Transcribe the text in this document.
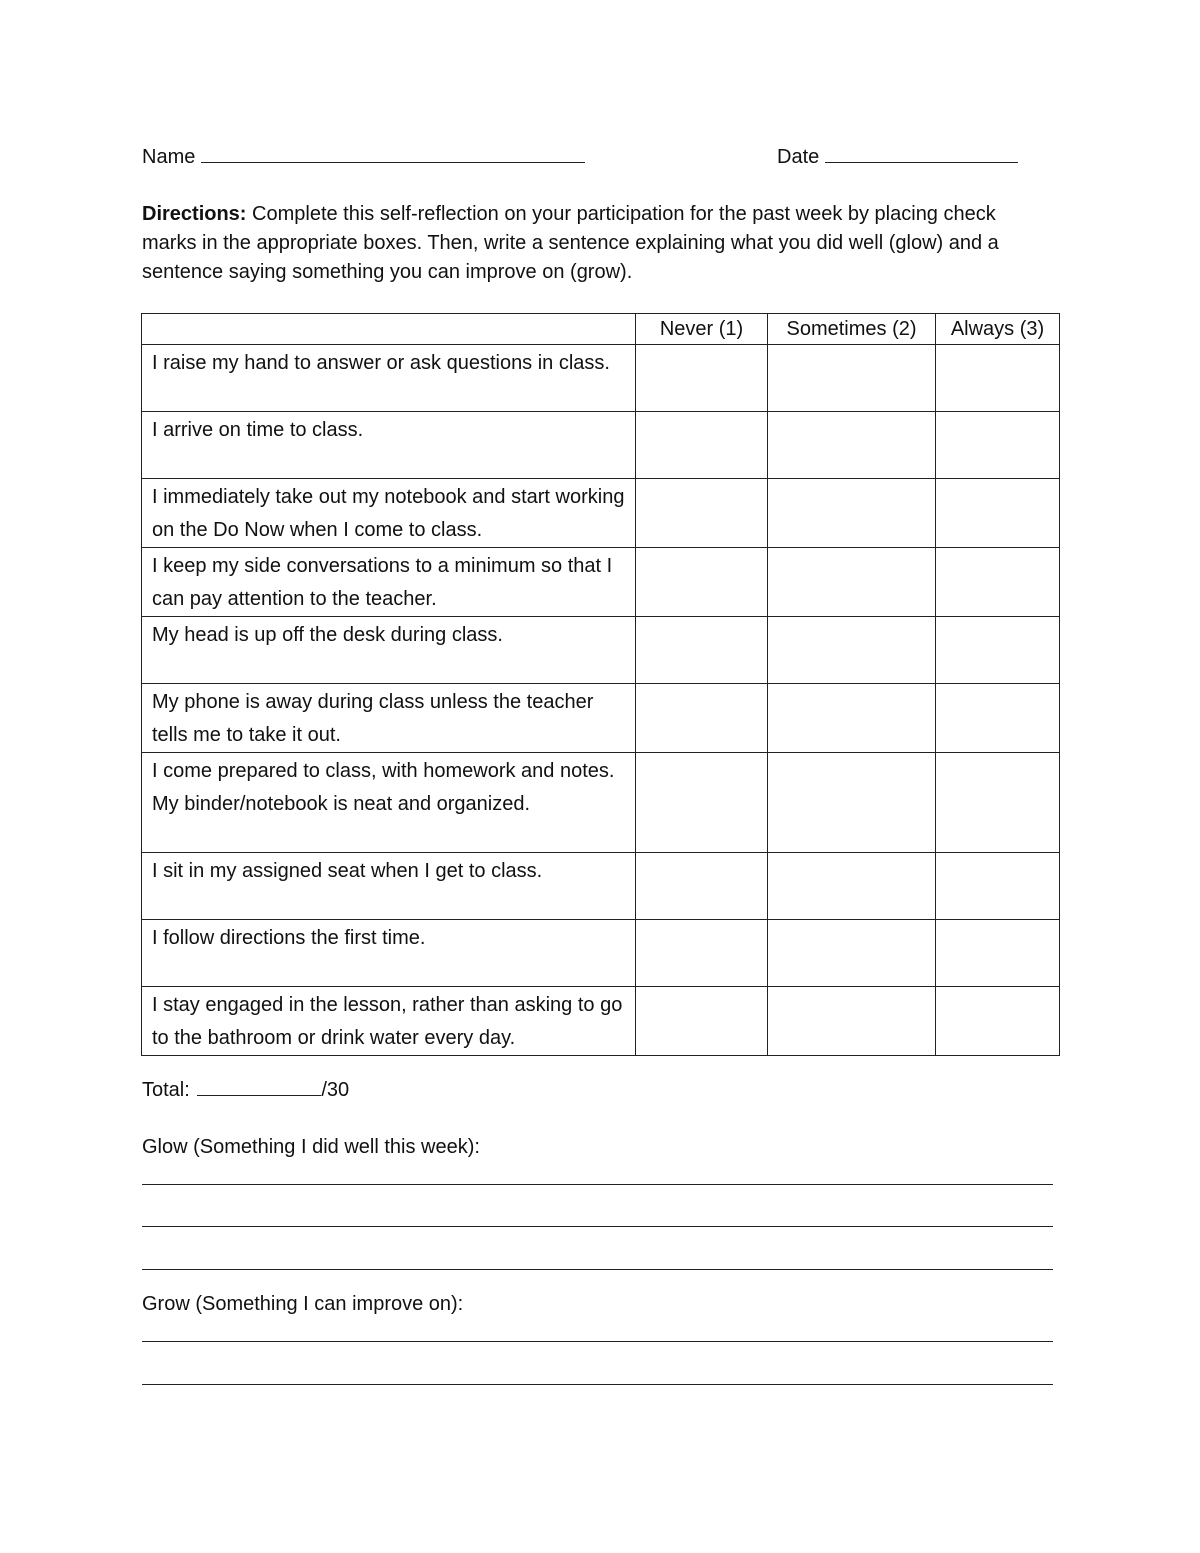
Name	Date
Directions: Complete this self-reflection on your participation for the past week by placing check marks in the appropriate boxes. Then, write a sentence explaining what you did well (glow) and a sentence saying something you can improve on (grow).
	Never (1)	Sometimes (2)	Always (3)
I raise my hand to answer or ask questions in class.			
I arrive on time to class.			
I immediately take out my notebook and start working on the Do Now when I come to class.			
I keep my side conversations to a minimum so that I can pay attention to the teacher.			
My head is up off the desk during class.			
My phone is away during class unless the teacher tells me to take it out.			
I come prepared to class, with homework and notes. My binder/notebook is neat and organized.			
I sit in my assigned seat when I get to class.			
I follow directions the first time.			
I stay engaged in the lesson, rather than asking to go to the bathroom or drink water every day.			
Total:	/30
Glow (Something I did well this week):
Grow (Something I can improve on):
